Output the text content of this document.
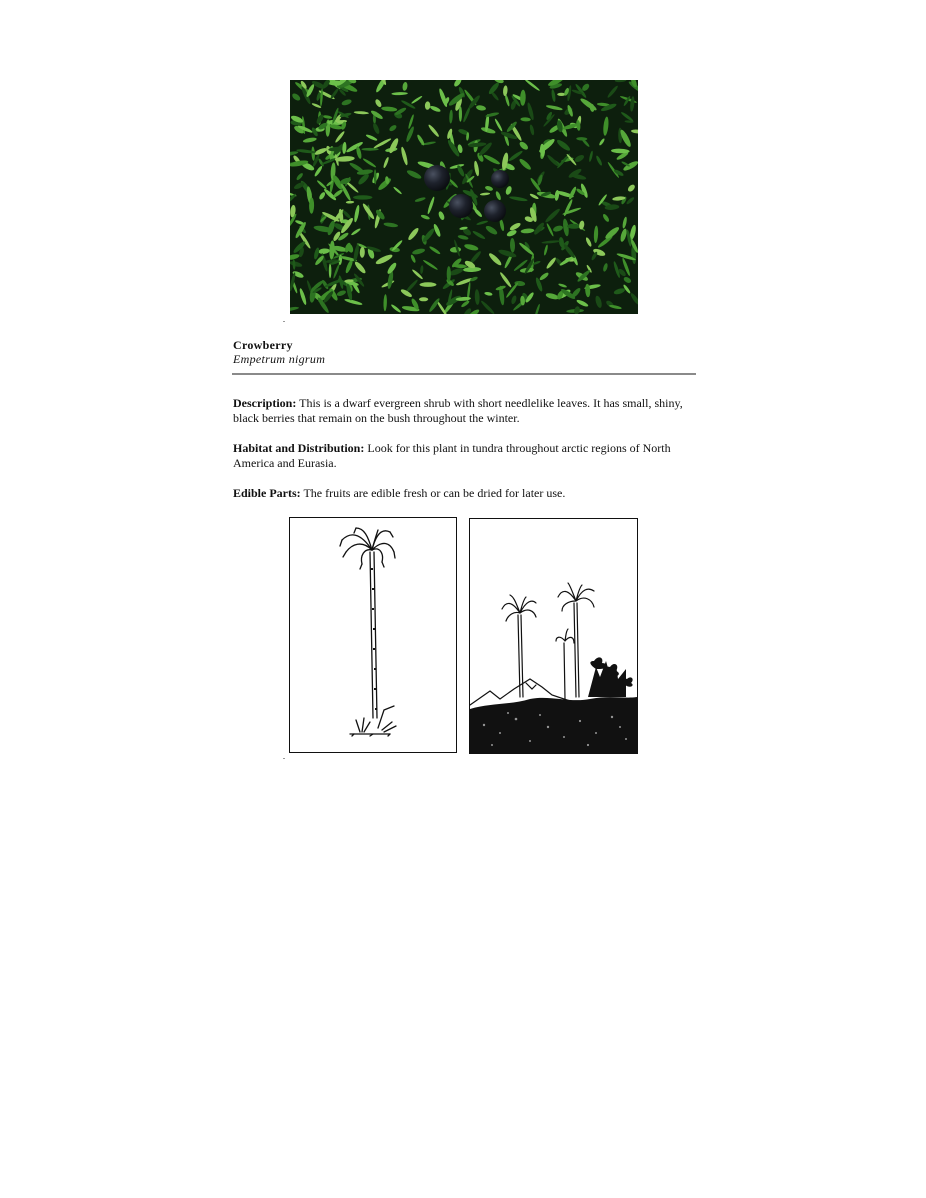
Crowberry
Empetrum nigrum
Description: This is a dwarf evergreen shrub with short needlelike leaves. It has small, shiny, black berries that remain on the bush throughout the winter.
Habitat and Distribution: Look for this plant in tundra throughout arctic regions of North America and Eurasia.
Edible Parts: The fruits are edible fresh or can be dried for later use.
